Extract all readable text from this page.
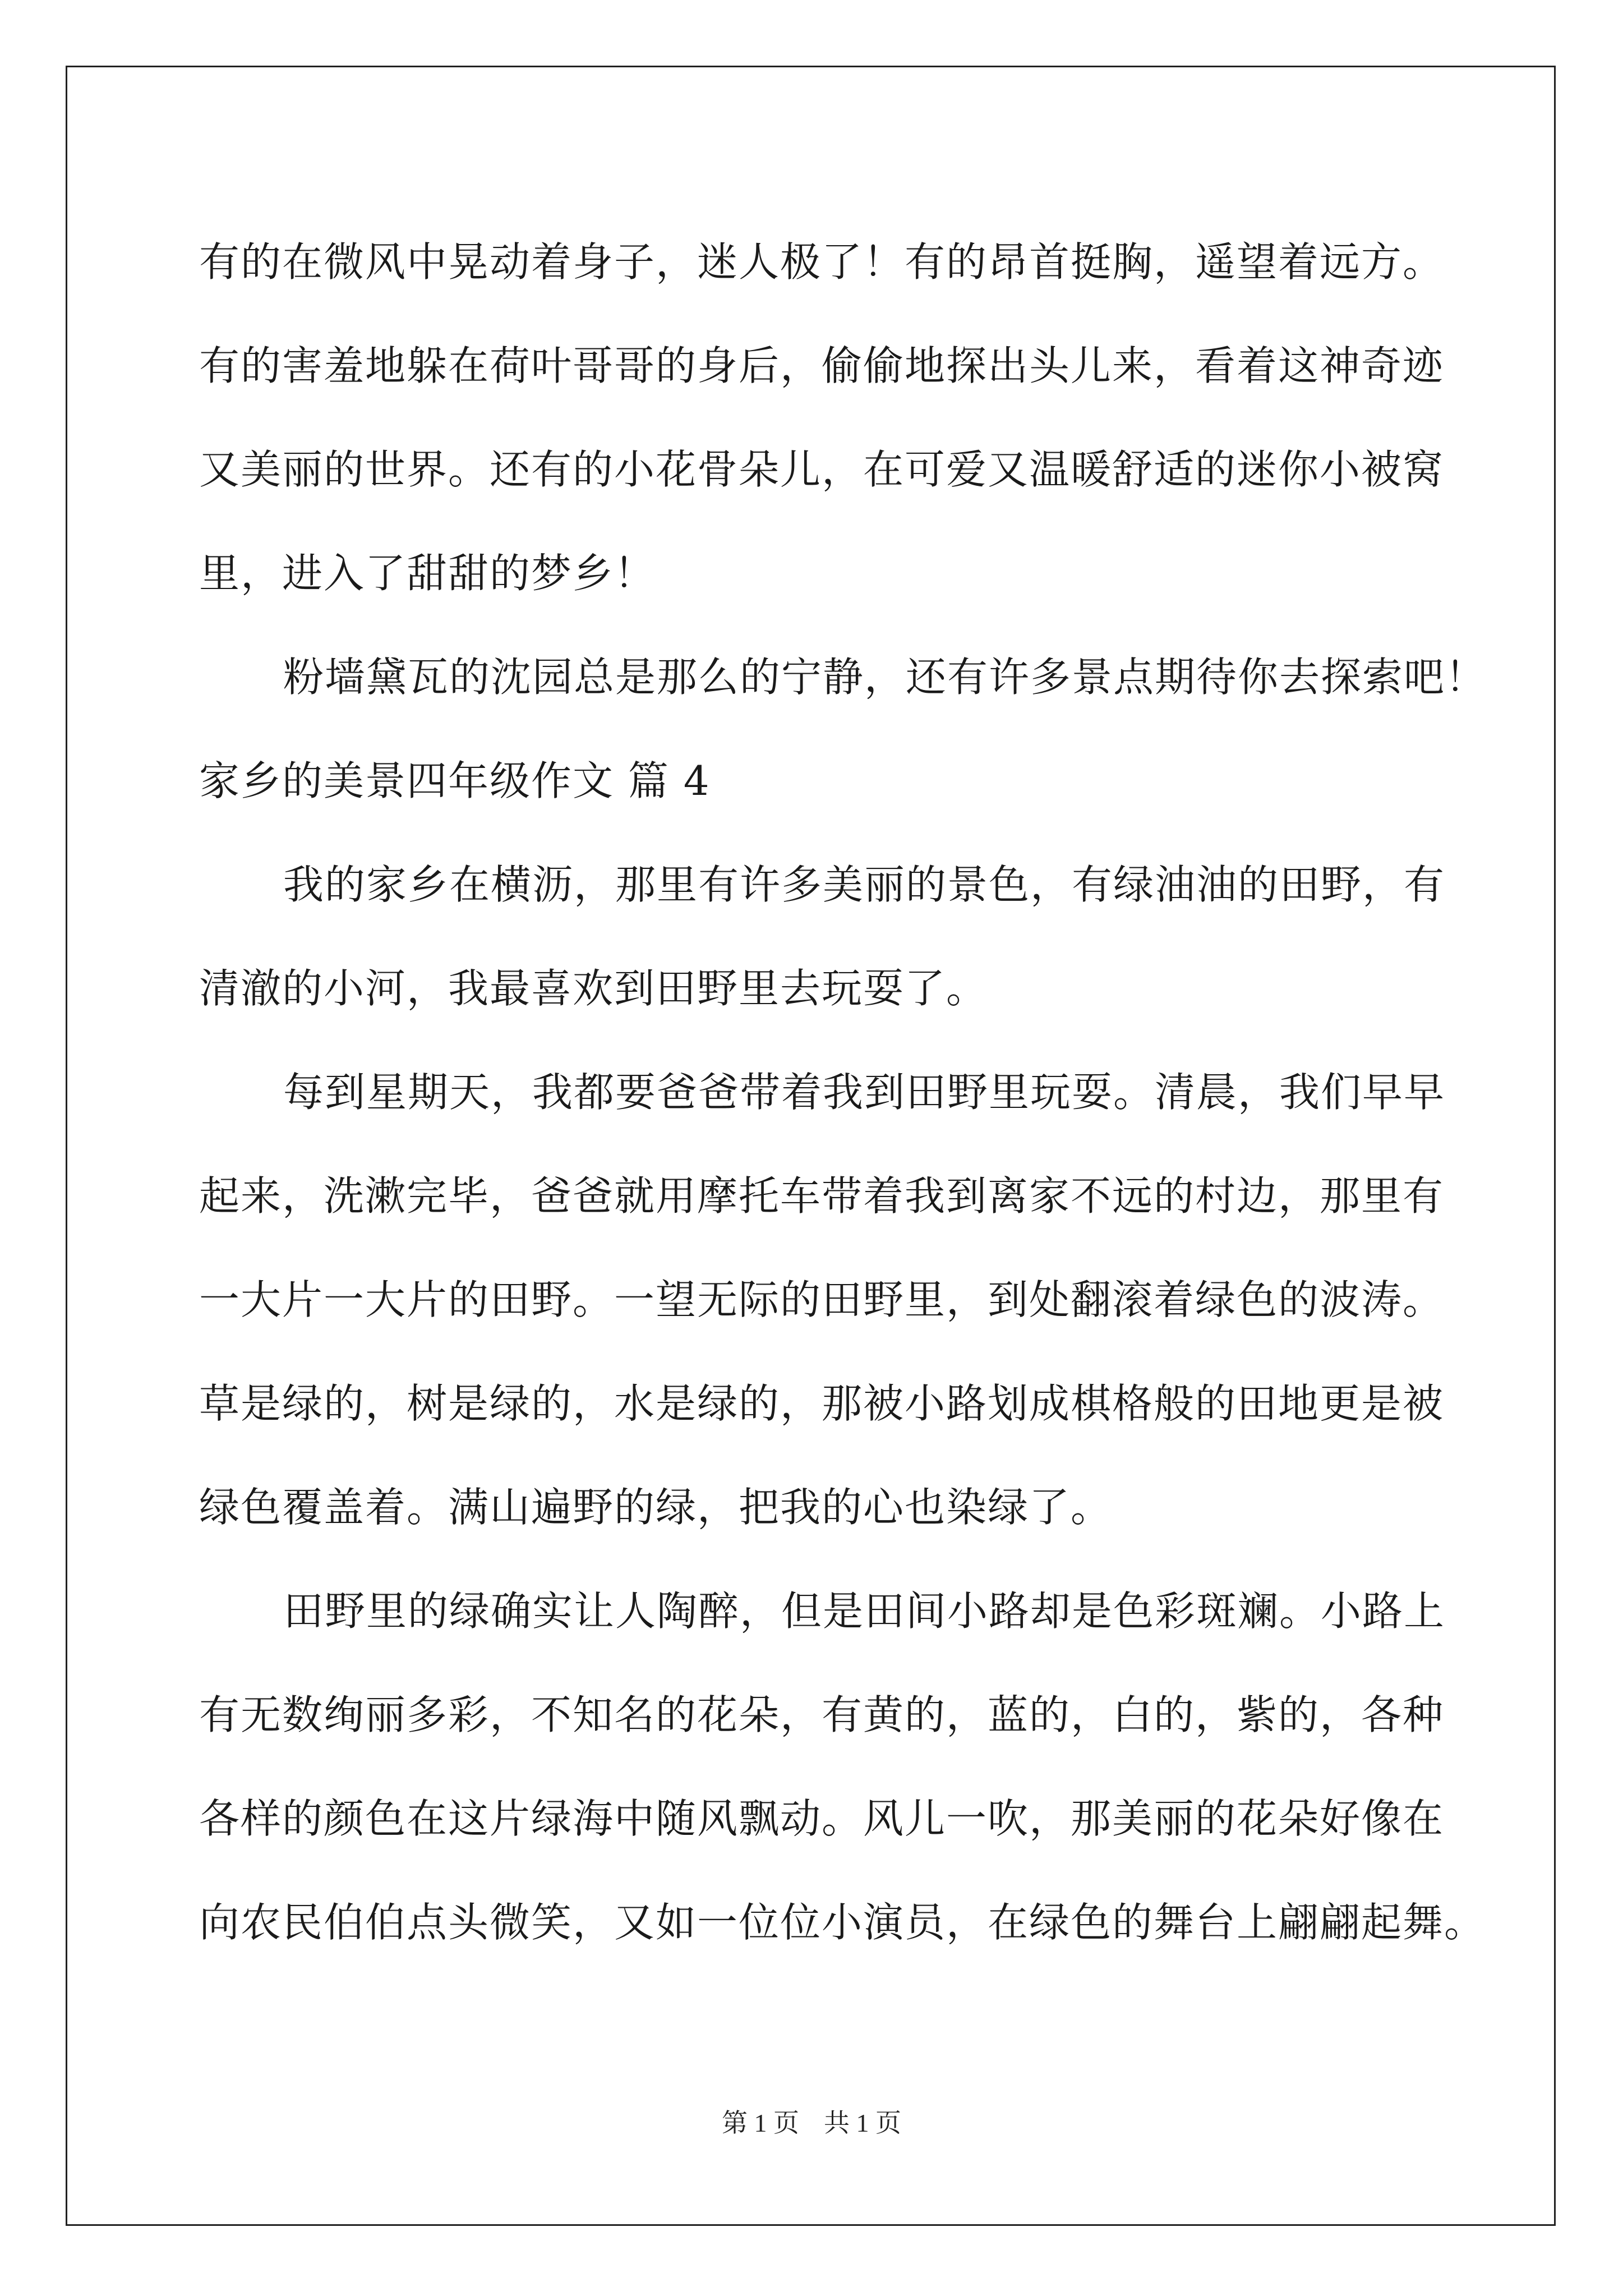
有的在微风中晃动着身子，迷人极了！有的昂首挺胸，遥望着远方。
有的害羞地躲在荷叶哥哥的身后，偷偷地探出头儿来，看着这神奇迹
又美丽的世界。还有的小花骨朵儿，在可爱又温暖舒适的迷你小被窝
里，进入了甜甜的梦乡！
粉墙黛瓦的沈园总是那么的宁静，还有许多景点期待你去探索吧！
家乡的美景四年级作文 篇 4
我的家乡在横沥，那里有许多美丽的景色，有绿油油的田野，有
清澈的小河，我最喜欢到田野里去玩耍了。
每到星期天，我都要爸爸带着我到田野里玩耍。清晨，我们早早
起来，洗漱完毕，爸爸就用摩托车带着我到离家不远的村边，那里有
一大片一大片的田野。一望无际的田野里，到处翻滚着绿色的波涛。
草是绿的，树是绿的，水是绿的，那被小路划成棋格般的田地更是被
绿色覆盖着。满山遍野的绿，把我的心也染绿了。
田野里的绿确实让人陶醉，但是田间小路却是色彩斑斓。小路上
有无数绚丽多彩，不知名的花朵，有黄的，蓝的，白的，紫的，各种
各样的颜色在这片绿海中随风飘动。风儿一吹，那美丽的花朵好像在
向农民伯伯点头微笑，又如一位位小演员，在绿色的舞台上翩翩起舞。
第 1 页 共 1 页
